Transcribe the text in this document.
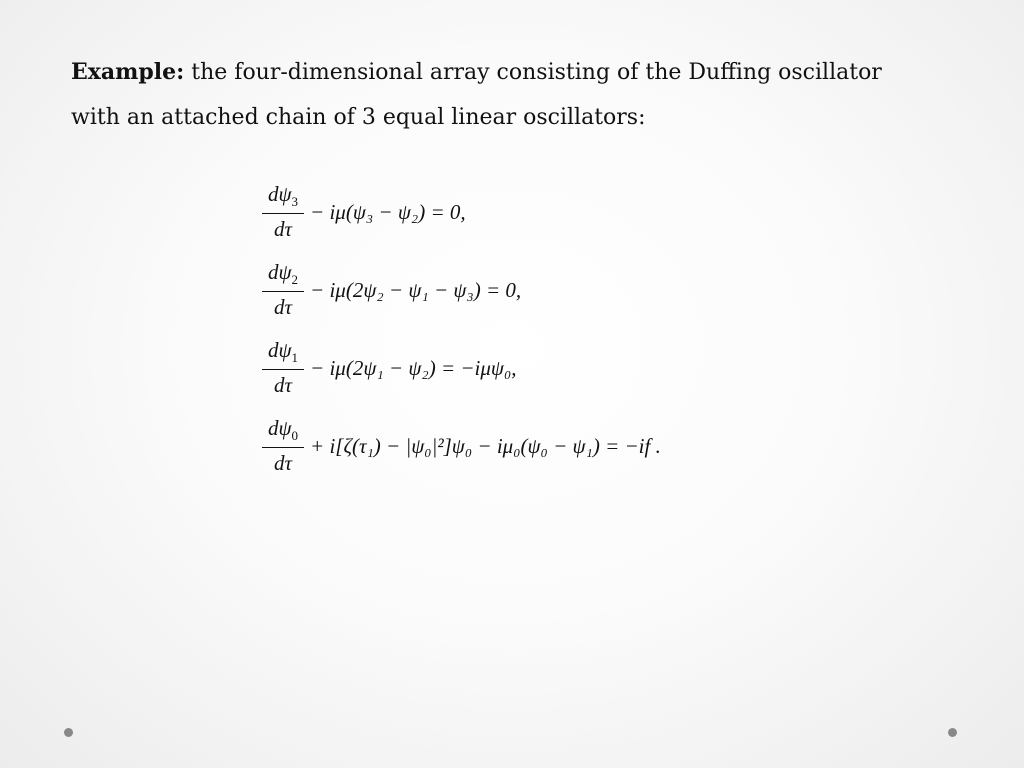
Example: the four-dimensional array consisting of the Duffing oscillator
with an attached chain of 3 equal linear oscillators:
$\frac{d\psi_3}{d\tau} - i\mu(\psi_3 - \psi_2) = 0$,
$\frac{d\psi_2}{d\tau} - i\mu(2\psi_2 - \psi_1 - \psi_3) = 0$,
$\frac{d\psi_1}{d\tau} - i\mu(2\psi_1 - \psi_2) = -i\mu\psi_0$,
$\frac{d\psi_0}{d\tau} + i[\zeta(\tau_1) - |\psi_0|^2]\psi_0 - i\mu_0(\psi_0 - \psi_1) = -if$ .
